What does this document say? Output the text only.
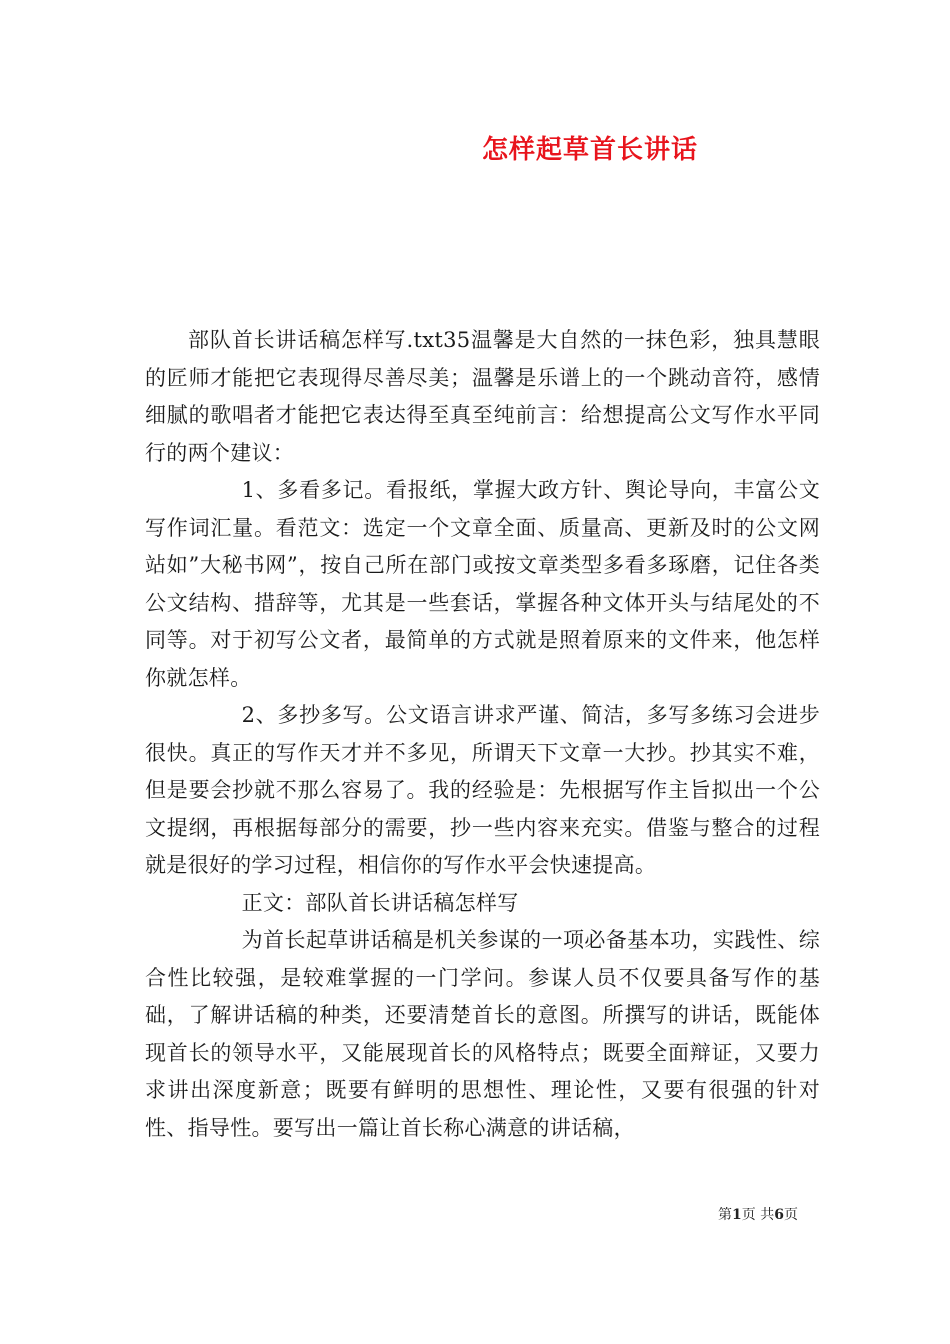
怎样起草首长讲话

部队首长讲话稿怎样写.txt35温馨是大自然的一抹色彩，独具慧眼的匠师才能把它表现得尽善尽美；温馨是乐谱上的一个跳动音符，感情细腻的歌唱者才能把它表达得至真至纯前言：给想提高公文写作水平同行的两个建议：

1、多看多记。看报纸，掌握大政方针、舆论导向，丰富公文写作词汇量。看范文：选定一个文章全面、质量高、更新及时的公文网站如”大秘书网”，按自己所在部门或按文章类型多看多琢磨，记住各类公文结构、措辞等，尤其是一些套话，掌握各种文体开头与结尾处的不同等。对于初写公文者，最简单的方式就是照着原来的文件来，他怎样你就怎样。

2、多抄多写。公文语言讲求严谨、简洁，多写多练习会进步很快。真正的写作天才并不多见，所谓天下文章一大抄。抄其实不难，但是要会抄就不那么容易了。我的经验是：先根据写作主旨拟出一个公文提纲，再根据每部分的需要，抄一些内容来充实。借鉴与整合的过程就是很好的学习过程，相信你的写作水平会快速提高。

正文：部队首长讲话稿怎样写

为首长起草讲话稿是机关参谋的一项必备基本功，实践性、综合性比较强，是较难掌握的一门学问。参谋人员不仅要具备写作的基础，了解讲话稿的种类，还要清楚首长的意图。所撰写的讲话，既能体现首长的领导水平，又能展现首长的风格特点；既要全面辩证，又要力求讲出深度新意；既要有鲜明的思想性、理论性，又要有很强的针对性、指导性。要写出一篇让首长称心满意的讲话稿，

第1页 共6页
